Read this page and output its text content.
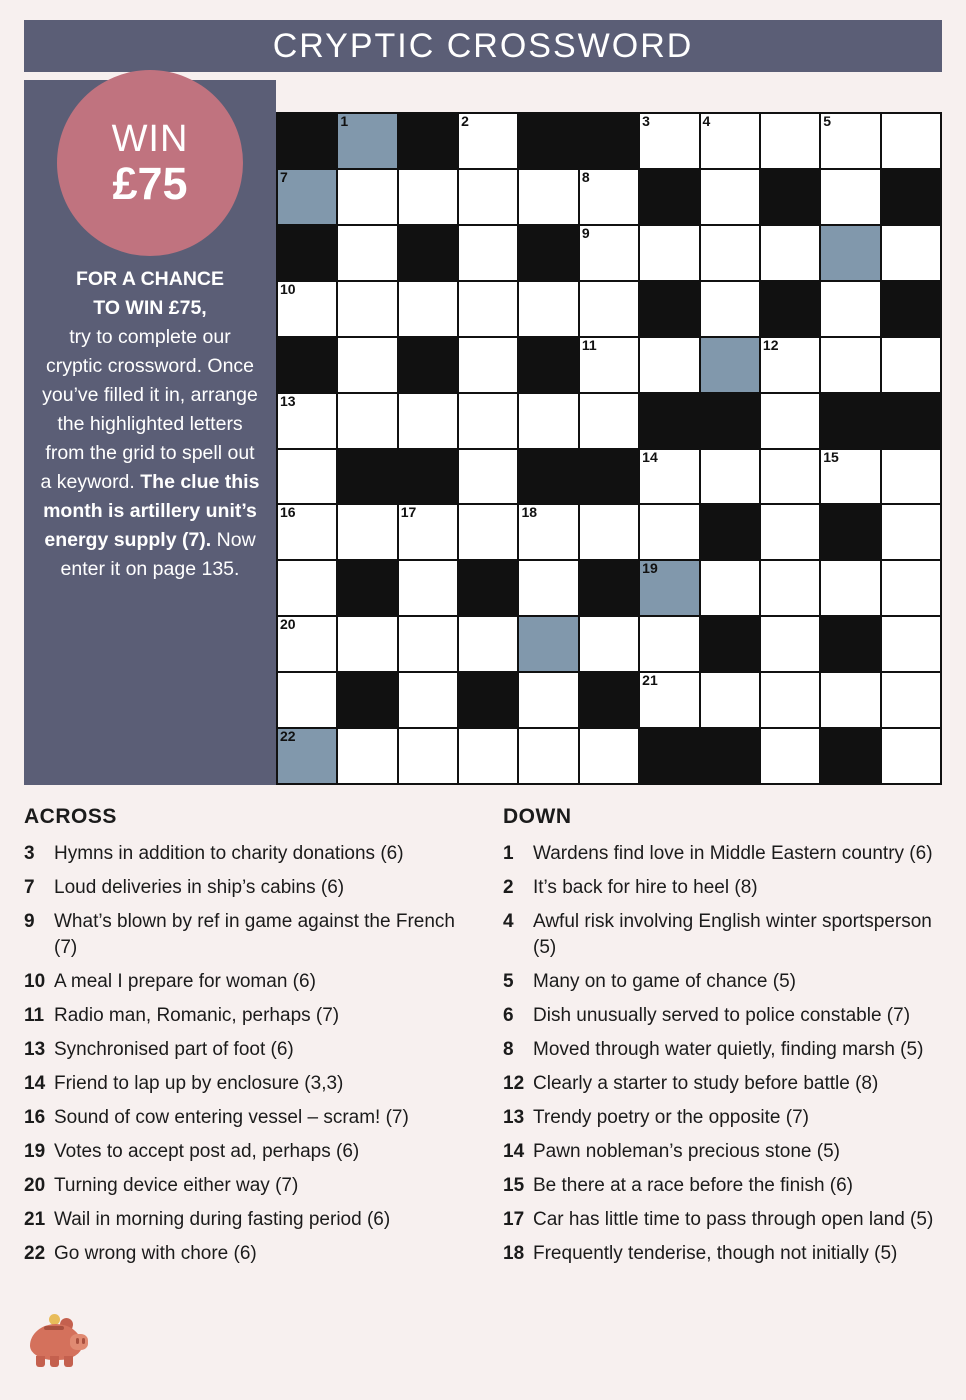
CRYPTIC CROSSWORD
FOR A CHANCE
TO WIN £75,
try to complete our cryptic crossword. Once you’ve filled it in, arrange the highlighted letters from the grid to spell out a keyword. The clue this month is artillery unit’s energy supply (7). Now enter it on page 135.
WIN
£75
1	2	3	4	5
7	8
9
10
11	12
13
14	15
16	17	18
19
20
21
22
ACROSS
3	Hymns in addition to charity donations (6)
7	Loud deliveries in ship’s cabins (6)
9	What’s blown by ref in game against the French (7)
10 A meal I prepare for woman (6)
11 Radio man, Romanic, perhaps (7)
13 Synchronised part of foot (6)
14 Friend to lap up by enclosure (3,3)
16 Sound of cow entering vessel – scram! (7)
19 Votes to accept post ad, perhaps (6)
20 Turning device either way (7)
21 Wail in morning during fasting period (6)
22 Go wrong with chore (6)
DOWN
1	Wardens find love in Middle Eastern country (6)
2	It’s back for hire to heel (8)
4	Awful risk involving English winter sportsperson (5)
5	Many on to game of chance (5)
6	Dish unusually served to police constable (7)
8	Moved through water quietly, finding marsh (5)
12 Clearly a starter to study before battle (8)
13 Trendy poetry or the opposite (7)
14 Pawn nobleman’s precious stone (5)
15 Be there at a race before the finish (6)
17 Car has little time to pass through open land (5)
18 Frequently tenderise, though not initially (5)
